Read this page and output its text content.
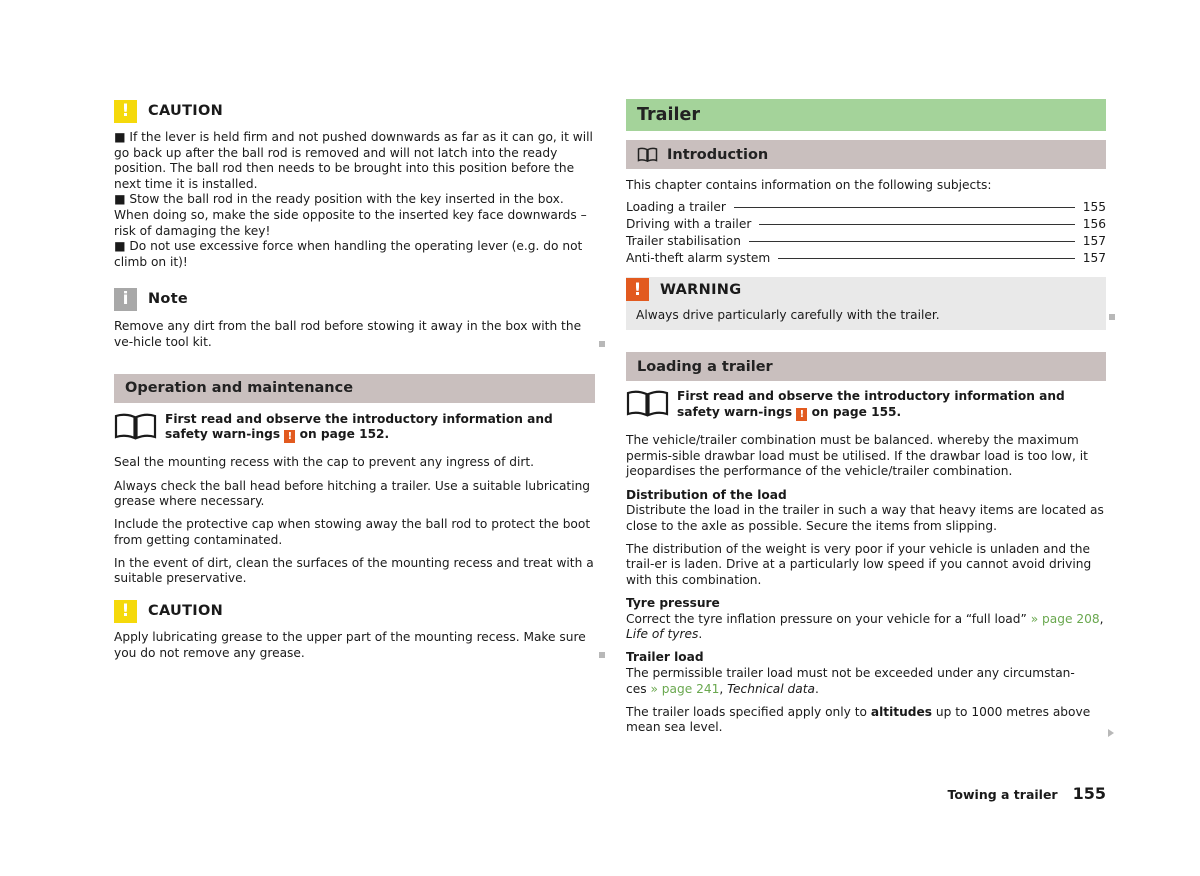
!	CAUTION

■ If the lever is held firm and not pushed downwards as far as it can go, it will go back up after the ball rod is removed and will not latch into the ready position. The ball rod then needs to be brought into this position before the next time it is installed.

■ Stow the ball rod in the ready position with the key inserted in the box. When doing so, make the side opposite to the inserted key face downwards – risk of damaging the key!

■ Do not use excessive force when handling the operating lever (e.g. do not climb on it)!

i	Note

Remove any dirt from the ball rod before stowing it away in the box with the ve-hicle tool kit.

Operation and maintenance

First read and observe the introductory information and safety warn-ings ! on page 152.

Seal the mounting recess with the cap to prevent any ingress of dirt.

Always check the ball head before hitching a trailer. Use a suitable lubricating grease where necessary.

Include the protective cap when stowing away the ball rod to protect the boot from getting contaminated.

In the event of dirt, clean the surfaces of the mounting recess and treat with a suitable preservative.

!	CAUTION

Apply lubricating grease to the upper part of the mounting recess. Make sure you do not remove any grease.

Trailer
Introduction

This chapter contains information on the following subjects:

Loading a trailer	155
Driving with a trailer	156
Trailer stabilisation	157
Anti-theft alarm system	157
!	WARNING

Always drive particularly carefully with the trailer.

Loading a trailer

First read and observe the introductory information and safety warn-ings ! on page 155.

The vehicle/trailer combination must be balanced. whereby the maximum permis-sible drawbar load must be utilised. If the drawbar load is too low, it jeopardises the performance of the vehicle/trailer combination.

Distribution of the load

Distribute the load in the trailer in such a way that heavy items are located as close to the axle as possible. Secure the items from slipping.

The distribution of the weight is very poor if your vehicle is unladen and the trail-er is laden. Drive at a particularly low speed if you cannot avoid driving with this combination.

Tyre pressure

Correct the tyre inflation pressure on your vehicle for a “full load” » page 208, Life of tyres.

Trailer load

The permissible trailer load must not be exceeded under any circumstan-
ces » page 241, Technical data.

The trailer loads specified apply only to altitudes up to 1000 metres above mean sea level.

Towing a trailer 155
